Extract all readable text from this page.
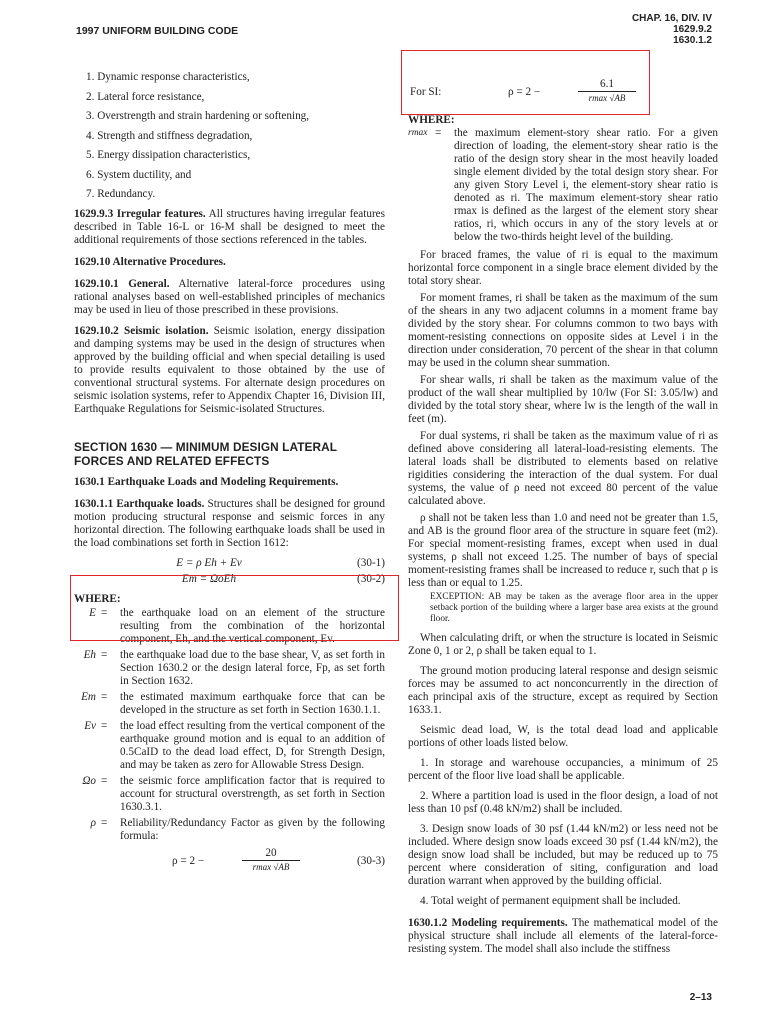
1997 UNIFORM BUILDING CODE
CHAP. 16, DIV. IV
1629.9.2
1630.1.2
1. Dynamic response characteristics,
2. Lateral force resistance,
3. Overstrength and strain hardening or softening,
4. Strength and stiffness degradation,
5. Energy dissipation characteristics,
6. System ductility, and
7. Redundancy.

1629.9.3 Irregular features. All structures having irregular features described in Table 16-L or 16-M shall be designed to meet the additional requirements of those sections referenced in the tables.

1629.10 Alternative Procedures.

1629.10.1 General. Alternative lateral-force procedures using rational analyses based on well-established principles of mechanics may be used in lieu of those prescribed in these provisions.

1629.10.2 Seismic isolation. Seismic isolation, energy dissipation and damping systems may be used in the design of structures when approved by the building official and when special detailing is used to provide results equivalent to those obtained by the use of conventional structural systems. For alternate design procedures on seismic isolation systems, refer to Appendix Chapter 16, Division III, Earthquake Regulations for Seismic-isolated Structures.

SECTION 1630 — MINIMUM DESIGN LATERAL FORCES AND RELATED EFFECTS

1630.1 Earthquake Loads and Modeling Requirements.

1630.1.1 Earthquake loads. Structures shall be designed for ground motion producing structural response and seismic forces in any horizontal direction. The following earthquake loads shall be used in the load combinations set forth in Section 1612:

E = ρ Eh + Ev	(30-1)
Em = ΩoEh	(30-2)
WHERE:
E = the earthquake load on an element of the structure resulting from the combination of the horizontal component, Eh, and the vertical component, Ev.
Eh = the earthquake load due to the base shear, V, as set forth in Section 1630.2 or the design lateral force, Fp, as set forth in Section 1632.
Em = the estimated maximum earthquake force that can be developed in the structure as set forth in Section 1630.1.1.
Ev = the load effect resulting from the vertical component of the earthquake ground motion and is equal to an addition of 0.5CaID to the dead load effect, D, for Strength Design, and may be taken as zero for Allowable Stress Design.
Ωo = the seismic force amplification factor that is required to account for structural overstrength, as set forth in Section 1630.3.1.
ρ = Reliability/Redundancy Factor as given by the following formula:
ρ = 2 −
20
rmax √AB	(30-3)
For SI:	ρ = 2 −
6.1
rmax √AB
WHERE:
rmax = the maximum element-story shear ratio. For a given direction of loading, the element-story shear ratio is the ratio of the design story shear in the most heavily loaded single element divided by the total design story shear. For any given Story Level i, the element-story shear ratio is denoted as ri. The maximum element-story shear ratio rmax is defined as the largest of the element story shear ratios, ri, which occurs in any of the story levels at or below the two-thirds height level of the building.

For braced frames, the value of ri is equal to the maximum horizontal force component in a single brace element divided by the total story shear.

For moment frames, ri shall be taken as the maximum of the sum of the shears in any two adjacent columns in a moment frame bay divided by the story shear. For columns common to two bays with moment-resisting connections on opposite sides at Level i in the direction under consideration, 70 percent of the shear in that column may be used in the column shear summation.

For shear walls, ri shall be taken as the maximum value of the product of the wall shear multiplied by 10/lw (For SI: 3.05/lw) and divided by the total story shear, where lw is the length of the wall in feet (m).

For dual systems, ri shall be taken as the maximum value of ri as defined above considering all lateral-load-resisting elements. The lateral loads shall be distributed to elements based on relative rigidities considering the interaction of the dual system. For dual systems, the value of ρ need not exceed 80 percent of the value calculated above.

ρ shall not be taken less than 1.0 and need not be greater than 1.5, and AB is the ground floor area of the structure in square feet (m2). For special moment-resisting frames, except when used in dual systems, ρ shall not exceed 1.25. The number of bays of special moment-resisting frames shall be increased to reduce r, such that ρ is less than or equal to 1.25.

EXCEPTION: AB may be taken as the average floor area in the upper setback portion of the building where a larger base area exists at the ground floor.

When calculating drift, or when the structure is located in Seismic Zone 0, 1 or 2, ρ shall be taken equal to 1.

The ground motion producing lateral response and design seismic forces may be assumed to act nonconcurrently in the direction of each principal axis of the structure, except as required by Section 1633.1.

Seismic dead load, W, is the total dead load and applicable portions of other loads listed below.

1. In storage and warehouse occupancies, a minimum of 25 percent of the floor live load shall be applicable.

2. Where a partition load is used in the floor design, a load of not less than 10 psf (0.48 kN/m2) shall be included.

3. Design snow loads of 30 psf (1.44 kN/m2) or less need not be included. Where design snow loads exceed 30 psf (1.44 kN/m2), the design snow load shall be included, but may be reduced up to 75 percent where consideration of siting, configuration and load duration warrant when approved by the building official.

4. Total weight of permanent equipment shall be included.

1630.1.2 Modeling requirements. The mathematical model of the physical structure shall include all elements of the lateral-force-resisting system. The model shall also include the stiffness

2–13
